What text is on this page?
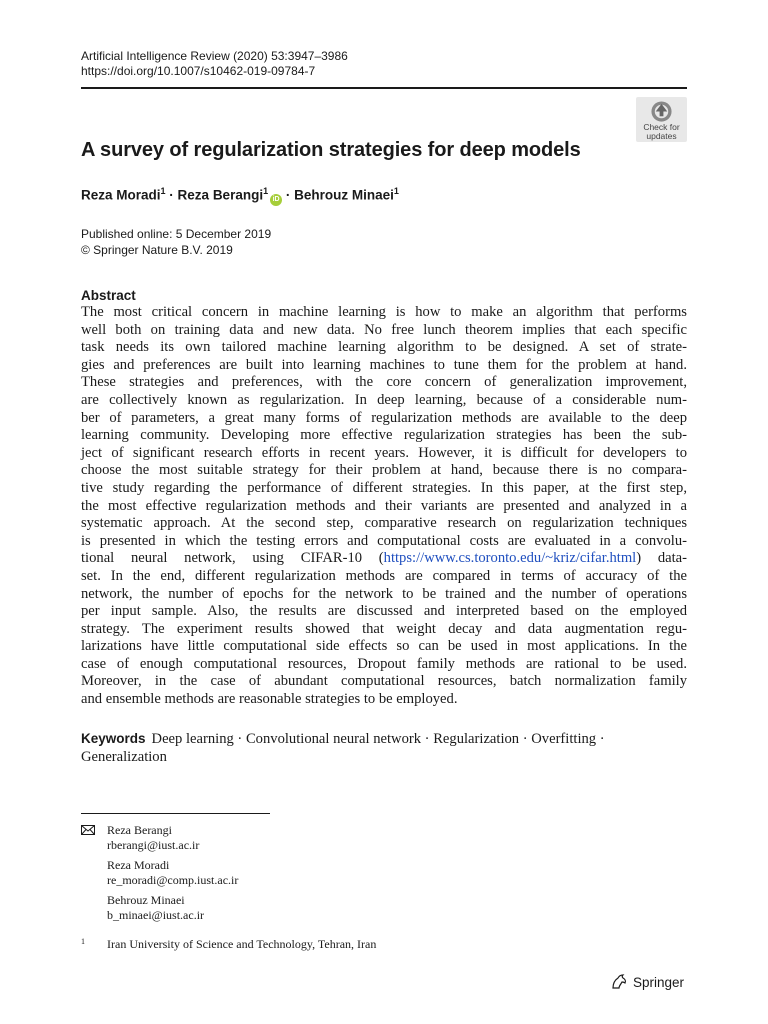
Artificial Intelligence Review (2020) 53:3947–3986
https://doi.org/10.1007/s10462-019-09784-7
Check for
updates
A survey of regularization strategies for deep models
Reza Moradi$^1$ · Reza Berangi$^1$iD · Behrouz Minaei$^1$
Published online: 5 December 2019
© Springer Nature B.V. 2019
Abstract
The most critical concern in machine learning is how to make an algorithm that performs
well both on training data and new data. No free lunch theorem implies that each specific
task needs its own tailored machine learning algorithm to be designed. A set of strate-
gies and preferences are built into learning machines to tune them for the problem at hand.
These strategies and preferences, with the core concern of generalization improvement,
are collectively known as regularization. In deep learning, because of a considerable num-
ber of parameters, a great many forms of regularization methods are available to the deep
learning community. Developing more effective regularization strategies has been the sub-
ject of significant research efforts in recent years. However, it is difficult for developers to
choose the most suitable strategy for their problem at hand, because there is no compara-
tive study regarding the performance of different strategies. In this paper, at the first step,
the most effective regularization methods and their variants are presented and analyzed in a
systematic approach. At the second step, comparative research on regularization techniques
is presented in which the testing errors and computational costs are evaluated in a convolu-
tional neural network, using CIFAR-10 (https://www.cs.toronto.edu/~kriz/cifar.html) data-
set. In the end, different regularization methods are compared in terms of accuracy of the
network, the number of epochs for the network to be trained and the number of operations
per input sample. Also, the results are discussed and interpreted based on the employed
strategy. The experiment results showed that weight decay and data augmentation regu-
larizations have little computational side effects so can be used in most applications. In the
case of enough computational resources, Dropout family methods are rational to be used.
Moreover, in the case of abundant computational resources, batch normalization family
and ensemble methods are reasonable strategies to be employed.
Keywords Deep learning · Convolutional neural network · Regularization · Overfitting ·
Generalization
Reza Berangi
rberangi@iust.ac.ir
Reza Moradi
re_moradi@comp.iust.ac.ir
Behrouz Minaei
b_minaei@iust.ac.ir
$^1$ Iran University of Science and Technology, Tehran, Iran
Springer
